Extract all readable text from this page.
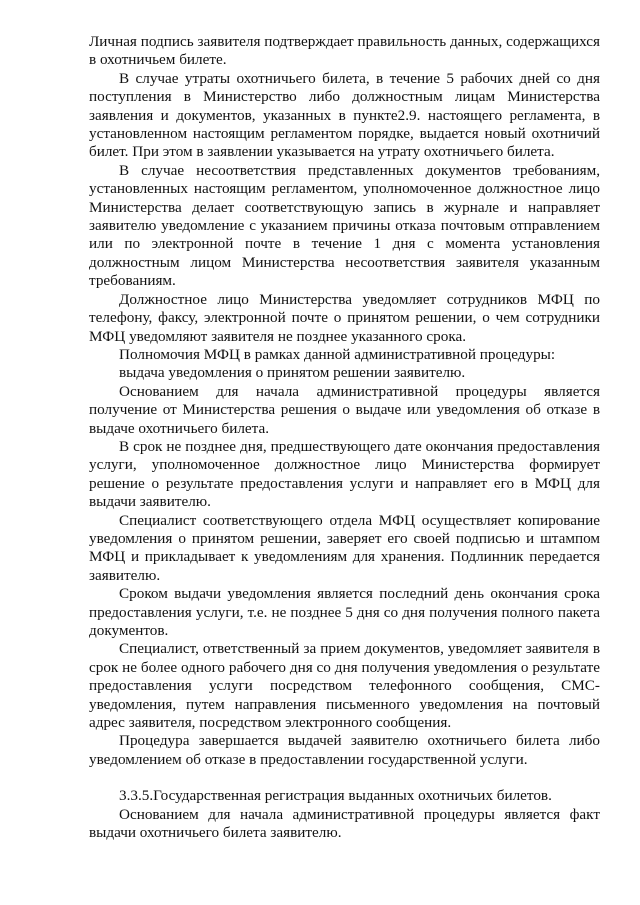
Личная подпись заявителя подтверждает правильность данных, содержащихся в охотничьем билете.

В случае утраты охотничьего билета, в течение 5 рабочих дней со дня поступления в Министерство либо должностным лицам Министерства заявления и документов, указанных в пункте2.9. настоящего регламента, в установленном настоящим регламентом порядке, выдается новый охотничий билет. При этом в заявлении указывается на утрату охотничьего билета.

В случае несоответствия представленных документов требованиям, установленных настоящим регламентом, уполномоченное должностное лицо Министерства делает соответствующую запись в журнале и направляет заявителю уведомление с указанием причины отказа почтовым отправлением или по электронной почте в течение 1 дня с момента установления должностным лицом Министерства несоответствия заявителя указанным требованиям.

Должностное лицо Министерства уведомляет сотрудников МФЦ по телефону, факсу, электронной почте о принятом решении, о чем сотрудники МФЦ уведомляют заявителя не позднее указанного срока.

Полномочия МФЦ в рамках данной административной процедуры:

выдача уведомления о принятом решении заявителю.

Основанием для начала административной процедуры является получение от Министерства решения о выдаче или уведомления об отказе в выдаче охотничьего билета.

В срок не позднее дня, предшествующего дате окончания предоставления услуги, уполномоченное должностное лицо Министерства формирует решение о результате предоставления услуги и направляет его в МФЦ для выдачи заявителю.

Специалист соответствующего отдела МФЦ осуществляет копирование уведомления о принятом решении, заверяет его своей подписью и штампом МФЦ и прикладывает к уведомлениям для хранения. Подлинник передается заявителю.

Сроком выдачи уведомления является последний день окончания срока предоставления услуги, т.е. не позднее 5 дня со дня получения полного пакета документов.

Специалист, ответственный за прием документов, уведомляет заявителя в срок не более одного рабочего дня со дня получения уведомления о результате предоставления услуги посредством телефонного сообщения, СМС-уведомления, путем направления письменного уведомления на почтовый адрес заявителя, посредством электронного сообщения.

Процедура завершается выдачей заявителю охотничьего билета либо уведомлением об отказе в предоставлении государственной услуги.

3.3.5.Государственная регистрация выданных охотничьих билетов.

Основанием для начала административной процедуры является факт выдачи охотничьего билета заявителю.
